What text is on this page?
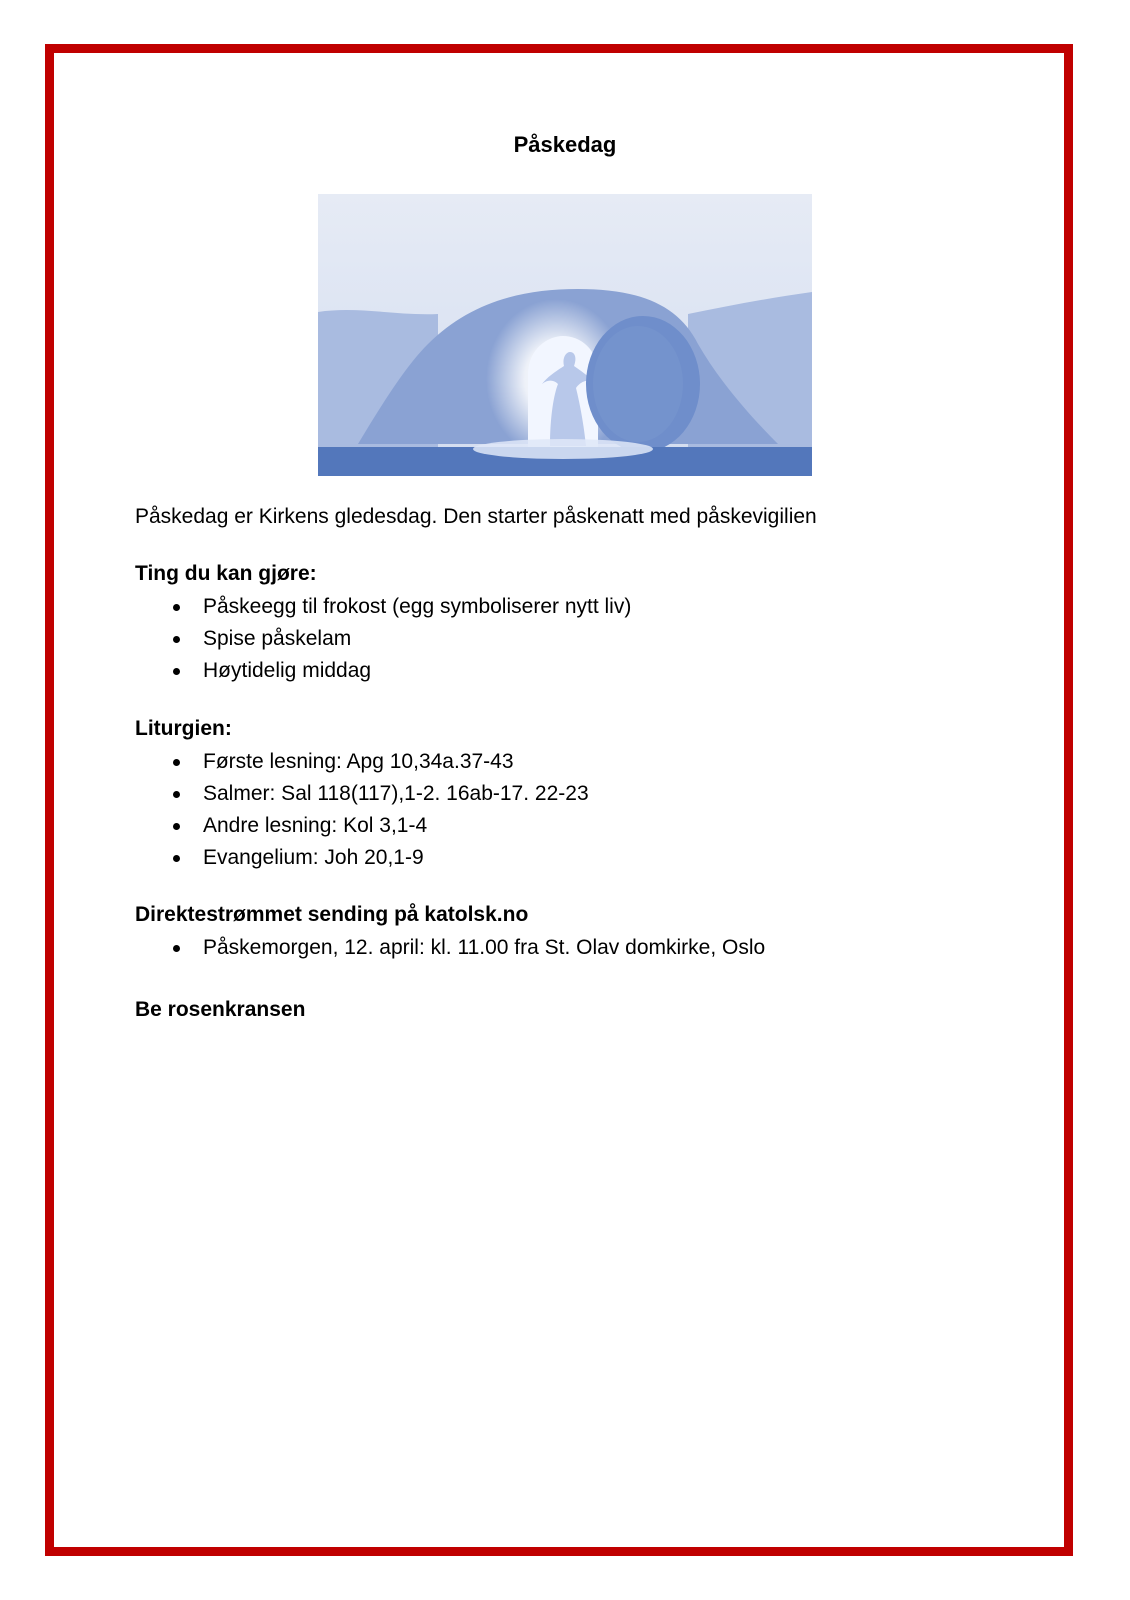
Påskedag
Påskedag er Kirkens gledesdag. Den starter påskenatt med påskevigilien
Ting du kan gjøre:
Påskeegg til frokost (egg symboliserer nytt liv)
Spise påskelam
Høytidelig middag
Liturgien:
Første lesning: Apg 10,34a.37-43
Salmer: Sal 118(117),1-2. 16ab-17. 22-23
Andre lesning: Kol 3,1-4
Evangelium: Joh 20,1-9
Direktestrømmet sending på katolsk.no
Påskemorgen, 12. april: kl. 11.00 fra St. Olav domkirke, Oslo
Be rosenkransen
